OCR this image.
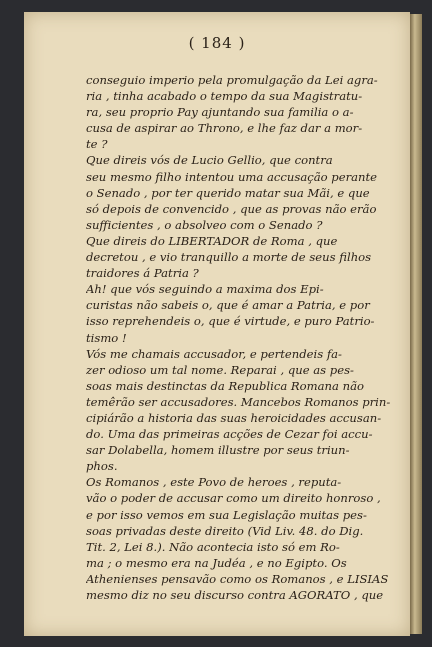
( 184 )
conseguio imperio pela promulgação da Lei agra-
ria , tinha acabado o tempo da sua Magistratu-
ra, seu proprio Pay ajuntando sua familia o a-
cusa de aspirar ao Throno, e lhe faz dar a mor-
te ?
Que direis vós de Lucio Gellio, que contra
seu mesmo filho intentou uma accusação perante
o Senado , por ter querido matar sua Mãi, e que
só depois de convencido , que as provas não erão
sufficientes , o absolveo com o Senado ?
Que direis do LIBERTADOR de Roma , que
decretou , e vio tranquillo a morte de seus filhos
traidores á Patria ?
Ah! que vós seguindo a maxima dos Epi-
curistas não sabeis o, que é amar a Patria, e por
isso reprehendeis o, que é virtude, e puro Patrio-
tismo !
Vós me chamais accusador, e pertendeis fa-
zer odioso um tal nome. Reparai , que as pes-
soas mais destinctas da Republica Romana não
temêrão ser accusadores. Mancebos Romanos prin-
cipiárão a historia das suas heroicidades accusan-
do. Uma das primeiras acções de Cezar foi accu-
sar Dolabella, homem illustre por seus triun-
phos.
Os Romanos , este Povo de heroes , reputa-
vão o poder de accusar como um direito honroso ,
e por isso vemos em sua Legislação muitas pes-
soas privadas deste direito (Vid Liv. 48. do Dig.
Tit. 2, Lei 8.). Não acontecia isto só em Ro-
ma ; o mesmo era na Judéa , e no Egipto. Os
Athenienses pensavão como os Romanos , e LISIAS
mesmo diz no seu discurso contra AGORATO , que
